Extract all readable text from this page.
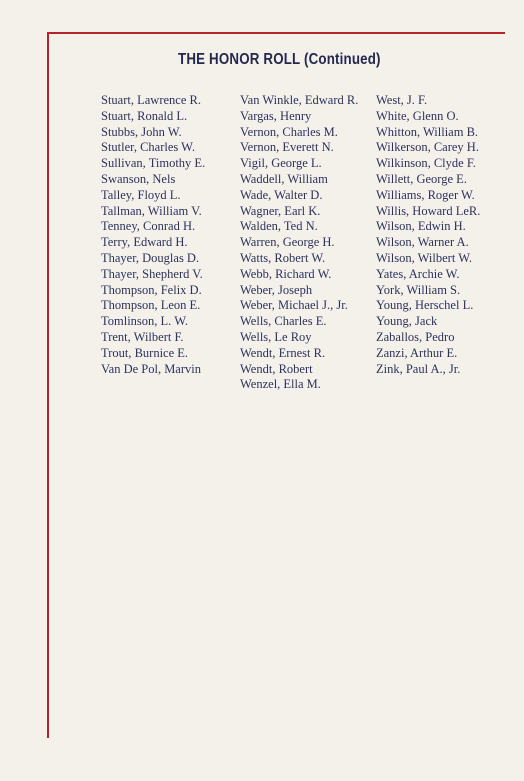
THE HONOR ROLL (Continued)
Stuart, Lawrence R.
Stuart, Ronald L.
Stubbs, John W.
Stutler, Charles W.
Sullivan, Timothy E.
Swanson, Nels
Talley, Floyd L.
Tallman, William V.
Tenney, Conrad H.
Terry, Edward H.
Thayer, Douglas D.
Thayer, Shepherd V.
Thompson, Felix D.
Thompson, Leon E.
Tomlinson, L. W.
Trent, Wilbert F.
Trout, Burnice E.
Van De Pol, Marvin
Van Winkle, Edward R.
Vargas, Henry
Vernon, Charles M.
Vernon, Everett N.
Vigil, George L.
Waddell, William
Wade, Walter D.
Wagner, Earl K.
Walden, Ted N.
Warren, George H.
Watts, Robert W.
Webb, Richard W.
Weber, Joseph
Weber, Michael J., Jr.
Wells, Charles E.
Wells, Le Roy
Wendt, Ernest R.
Wendt, Robert
Wenzel, Ella M.
West, J. F.
White, Glenn O.
Whitton, William B.
Wilkerson, Carey H.
Wilkinson, Clyde F.
Willett, George E.
Williams, Roger W.
Willis, Howard LeR.
Wilson, Edwin H.
Wilson, Warner A.
Wilson, Wilbert W.
Yates, Archie W.
York, William S.
Young, Herschel L.
Young, Jack
Zaballos, Pedro
Zanzi, Arthur E.
Zink, Paul A., Jr.
